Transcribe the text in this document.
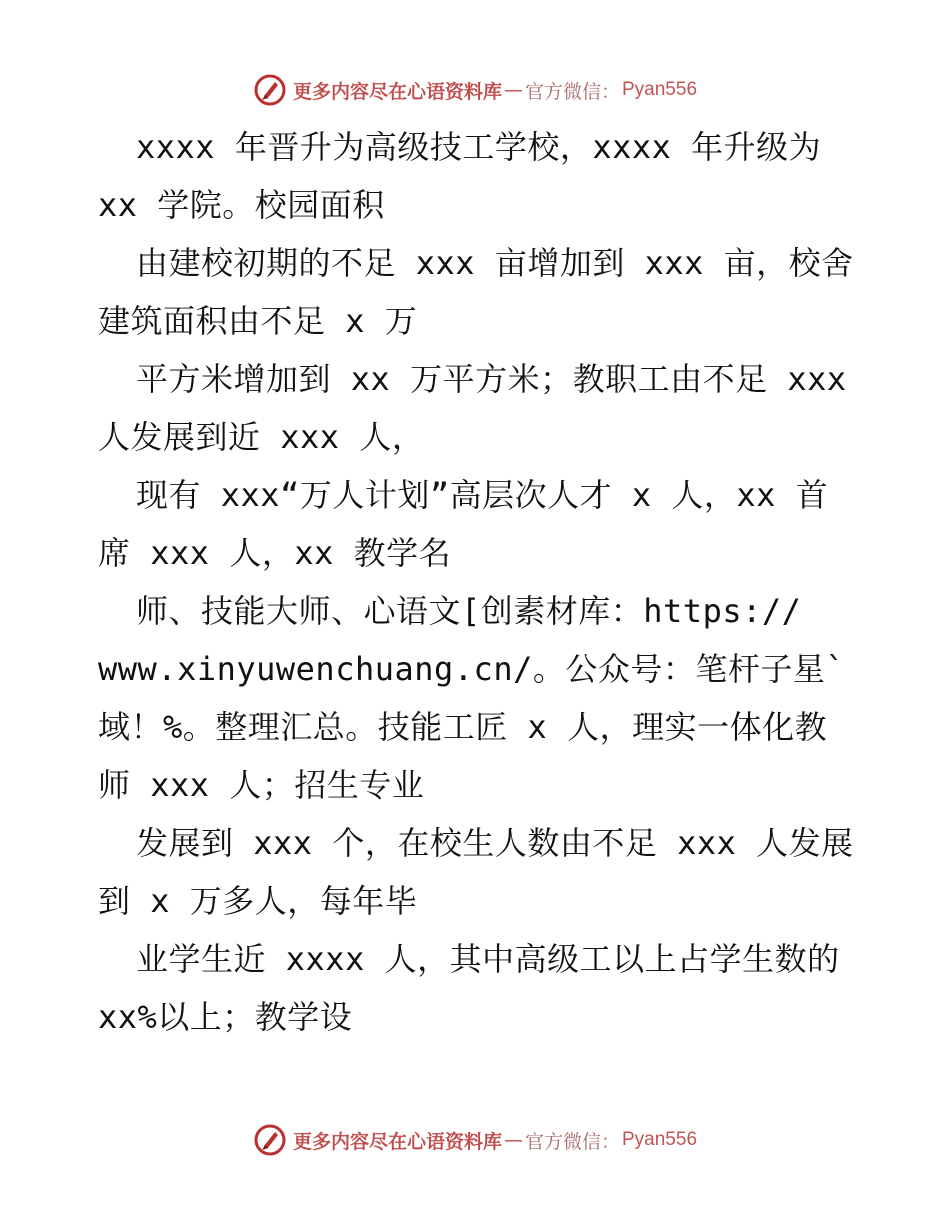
更多内容尽在心语资料库 — 官方微信： Pyan556
xxxx 年晋升为高级技工学校，xxxx 年升级为
xx 学院。校园面积
由建校初期的不足 xxx 亩增加到 xxx 亩，校舍
建筑面积由不足 x 万
平方米增加到 xx 万平方米；教职工由不足 xxx
人发展到近 xxx 人，
现有 xxx“万人计划”高层次人才 x 人，xx 首
席 xxx 人，xx 教学名
师、技能大师、心语文[创素材库：https://
www.xinyuwenchuang.cn/。公众号：笔杆子星`
域！%。整理汇总。技能工匠 x 人，理实一体化教
师 xxx 人；招生专业
发展到 xxx 个，在校生人数由不足 xxx 人发展
到 x 万多人，每年毕
业学生近 xxxx 人，其中高级工以上占学生数的
xx%以上；教学设
更多内容尽在心语资料库 — 官方微信： Pyan556
